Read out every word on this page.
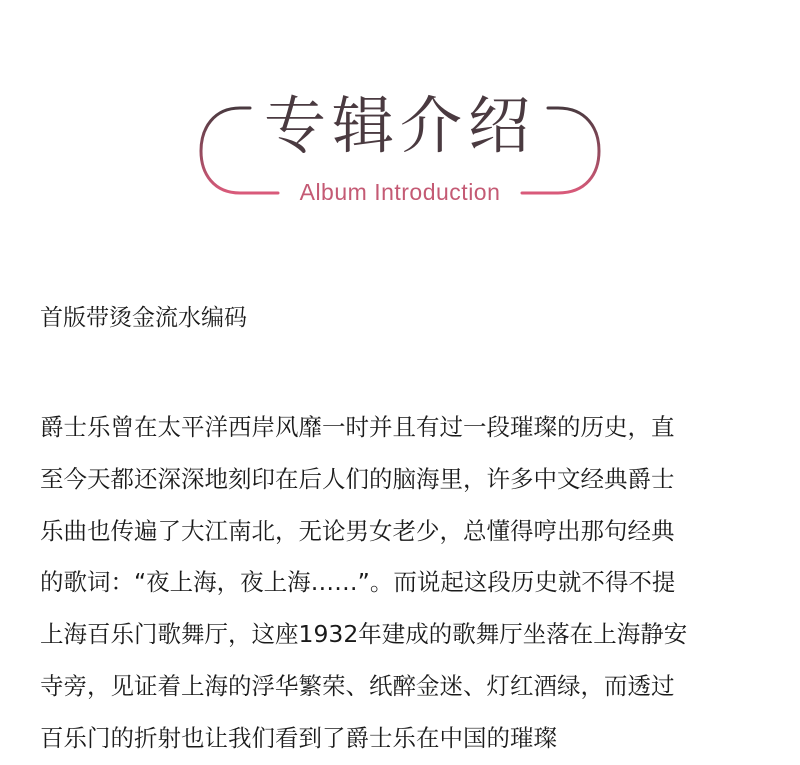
专辑介绍
Album Introduction
首版带烫金流水编码
爵士乐曾在太平洋西岸风靡一时并且有过一段璀璨的历史，直
至今天都还深深地刻印在后人们的脑海里，许多中文经典爵士
乐曲也传遍了大江南北，无论男女老少，总懂得哼出那句经典
的歌词：“夜上海，夜上海……”。而说起这段历史就不得不提
上海百乐门歌舞厅，这座1932年建成的歌舞厅坐落在上海静安
寺旁，见证着上海的浮华繁荣、纸醉金迷、灯红酒绿，而透过
百乐门的折射也让我们看到了爵士乐在中国的璀璨
